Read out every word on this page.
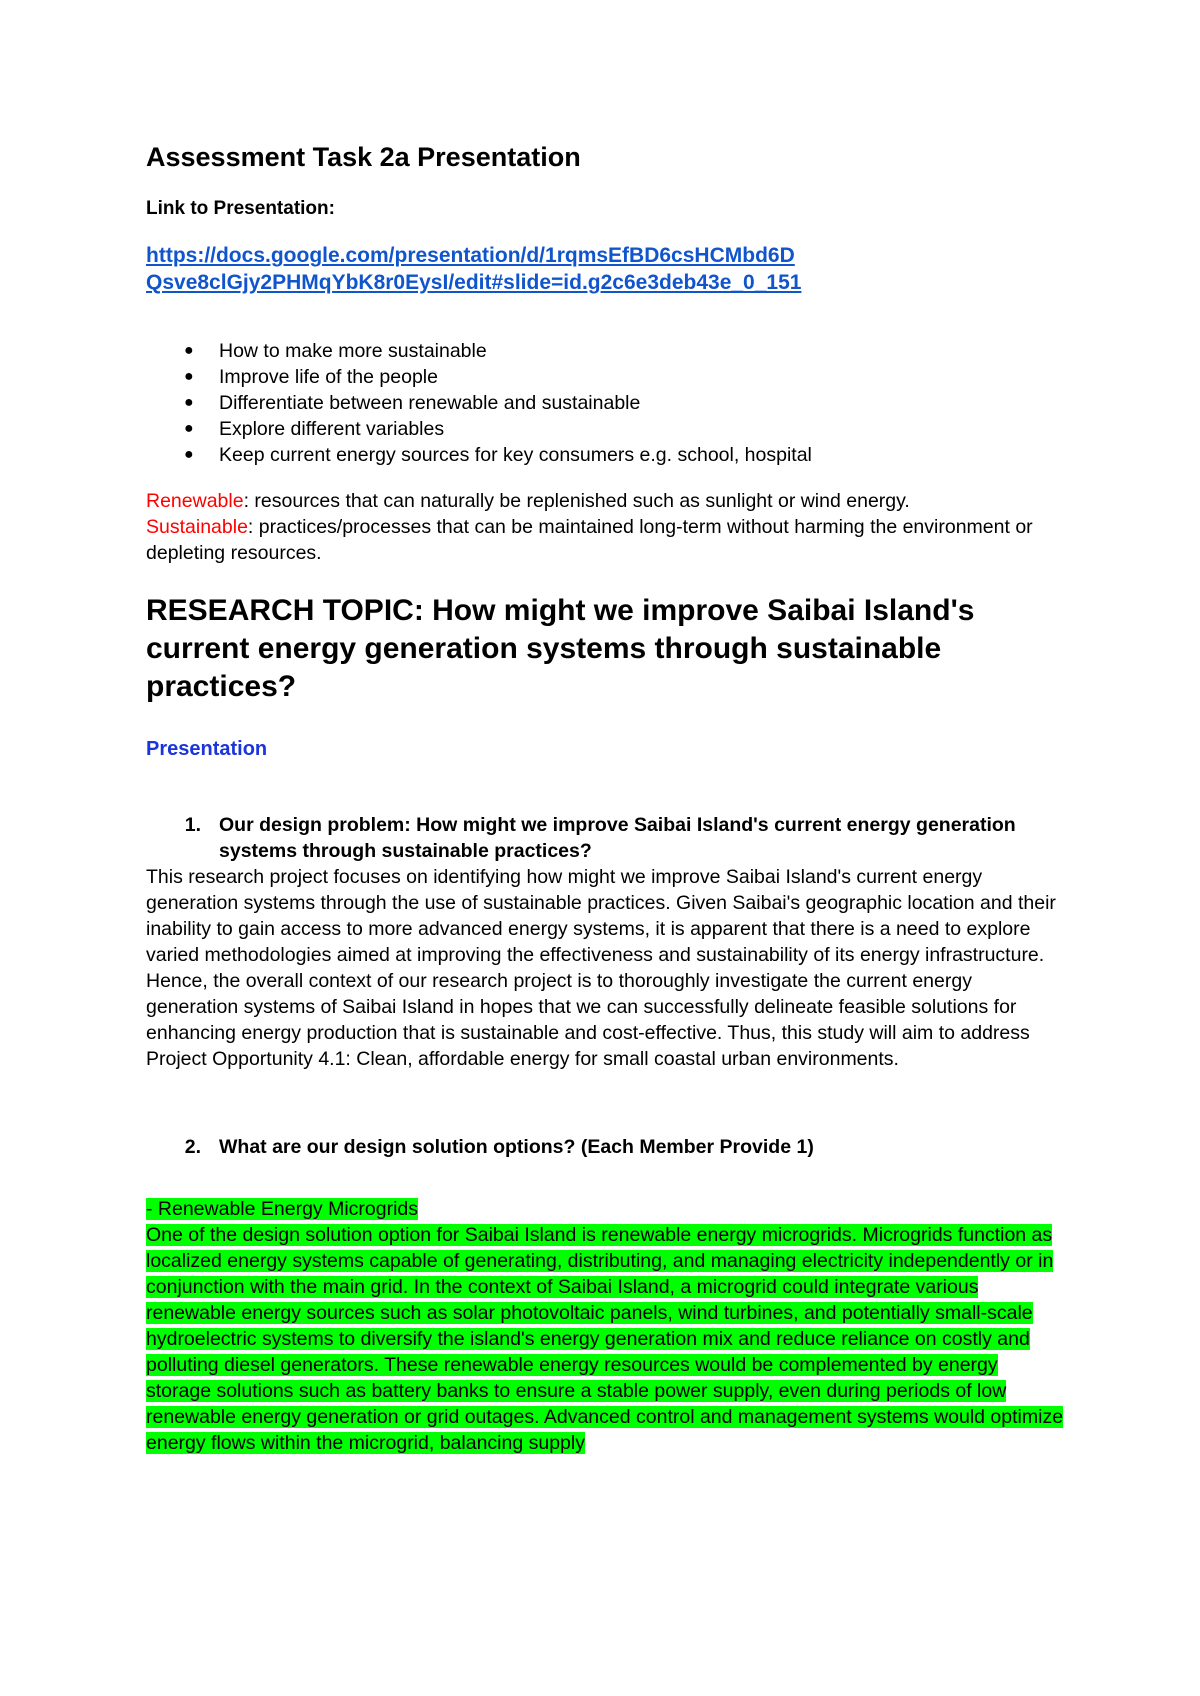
Assessment Task 2a Presentation
Link to Presentation:
https://docs.google.com/presentation/d/1rqmsEfBD6csHCMbd6DQsve8clGjy2PHMqYbK8r0EysI/edit#slide=id.g2c6e3deb43e_0_151
● How to make more sustainable
● Improve life of the people
● Differentiate between renewable and sustainable
● Explore different variables
● Keep current energy sources for key consumers e.g. school, hospital
Renewable: resources that can naturally be replenished such as sunlight or wind energy.
Sustainable: practices/processes that can be maintained long-term without harming the environment or depleting resources.
RESEARCH TOPIC: How might we improve Saibai Island's current energy generation systems through sustainable practices?
Presentation
1. Our design problem: How might we improve Saibai Island's current energy generation systems through sustainable practices?

This research project focuses on identifying how might we improve Saibai Island's current energy generation systems through the use of sustainable practices. Given Saibai's geographic location and their inability to gain access to more advanced energy systems, it is apparent that there is a need to explore varied methodologies aimed at improving the effectiveness and sustainability of its energy infrastructure. Hence, the overall context of our research project is to thoroughly investigate the current energy generation systems of Saibai Island in hopes that we can successfully delineate feasible solutions for enhancing energy production that is sustainable and cost-effective. Thus, this study will aim to address Project Opportunity 4.1: Clean, affordable energy for small coastal urban environments.

2. What are our design solution options? (Each Member Provide 1)

- Renewable Energy Microgrids
One of the design solution option for Saibai Island is renewable energy microgrids. Microgrids function as localized energy systems capable of generating, distributing, and managing electricity independently or in conjunction with the main grid. In the context of Saibai Island, a microgrid could integrate various renewable energy sources such as solar photovoltaic panels, wind turbines, and potentially small-scale hydroelectric systems to diversify the island's energy generation mix and reduce reliance on costly and polluting diesel generators. These renewable energy resources would be complemented by energy storage solutions such as battery banks to ensure a stable power supply, even during periods of low renewable energy generation or grid outages. Advanced control and management systems would optimize energy flows within the microgrid, balancing supply
